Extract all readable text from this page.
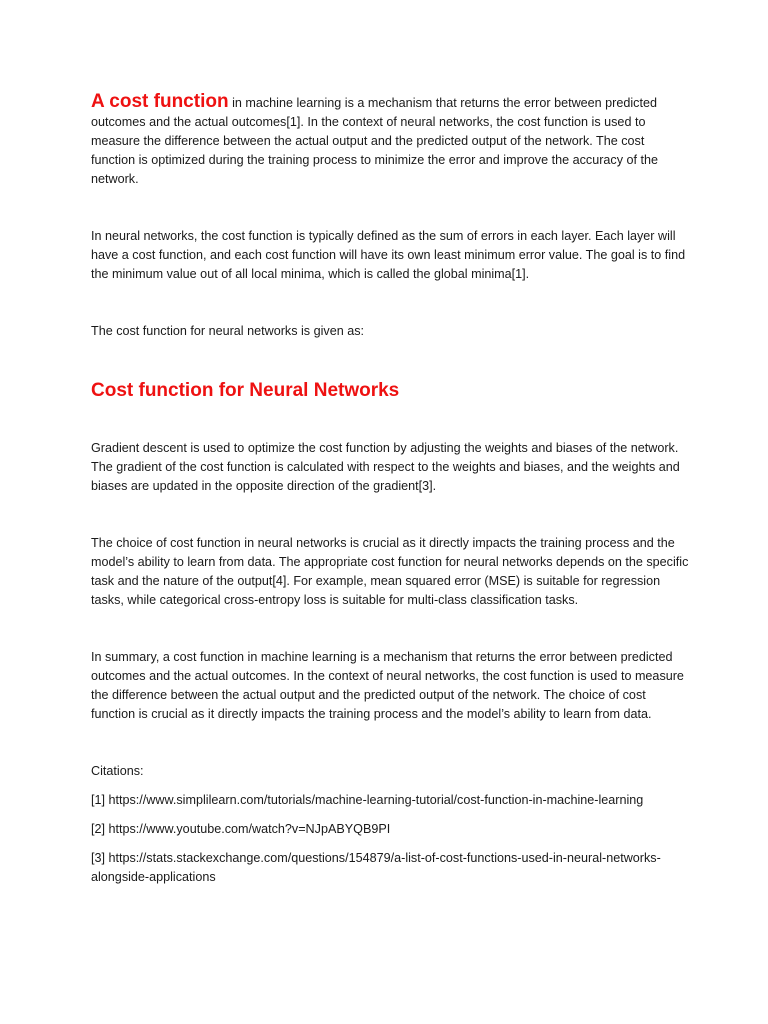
A cost function in machine learning is a mechanism that returns the error between predicted outcomes and the actual outcomes[1]. In the context of neural networks, the cost function is used to measure the difference between the actual output and the predicted output of the network. The cost function is optimized during the training process to minimize the error and improve the accuracy of the network.

In neural networks, the cost function is typically defined as the sum of errors in each layer. Each layer will have a cost function, and each cost function will have its own least minimum error value. The goal is to find the minimum value out of all local minima, which is called the global minima[1].

The cost function for neural networks is given as:

Cost function for Neural Networks

Gradient descent is used to optimize the cost function by adjusting the weights and biases of the network. The gradient of the cost function is calculated with respect to the weights and biases, and the weights and biases are updated in the opposite direction of the gradient[3].

The choice of cost function in neural networks is crucial as it directly impacts the training process and the model’s ability to learn from data. The appropriate cost function for neural networks depends on the specific task and the nature of the output[4]. For example, mean squared error (MSE) is suitable for regression tasks, while categorical cross-entropy loss is suitable for multi-class classification tasks.

In summary, a cost function in machine learning is a mechanism that returns the error between predicted outcomes and the actual outcomes. In the context of neural networks, the cost function is used to measure the difference between the actual output and the predicted output of the network. The choice of cost function is crucial as it directly impacts the training process and the model’s ability to learn from data.

Citations:

[1] https://www.simplilearn.com/tutorials/machine-learning-tutorial/cost-function-in-machine-learning

[2] https://www.youtube.com/watch?v=NJpABYQB9PI

[3] https://stats.stackexchange.com/questions/154879/a-list-of-cost-functions-used-in-neural-networks-alongside-applications
